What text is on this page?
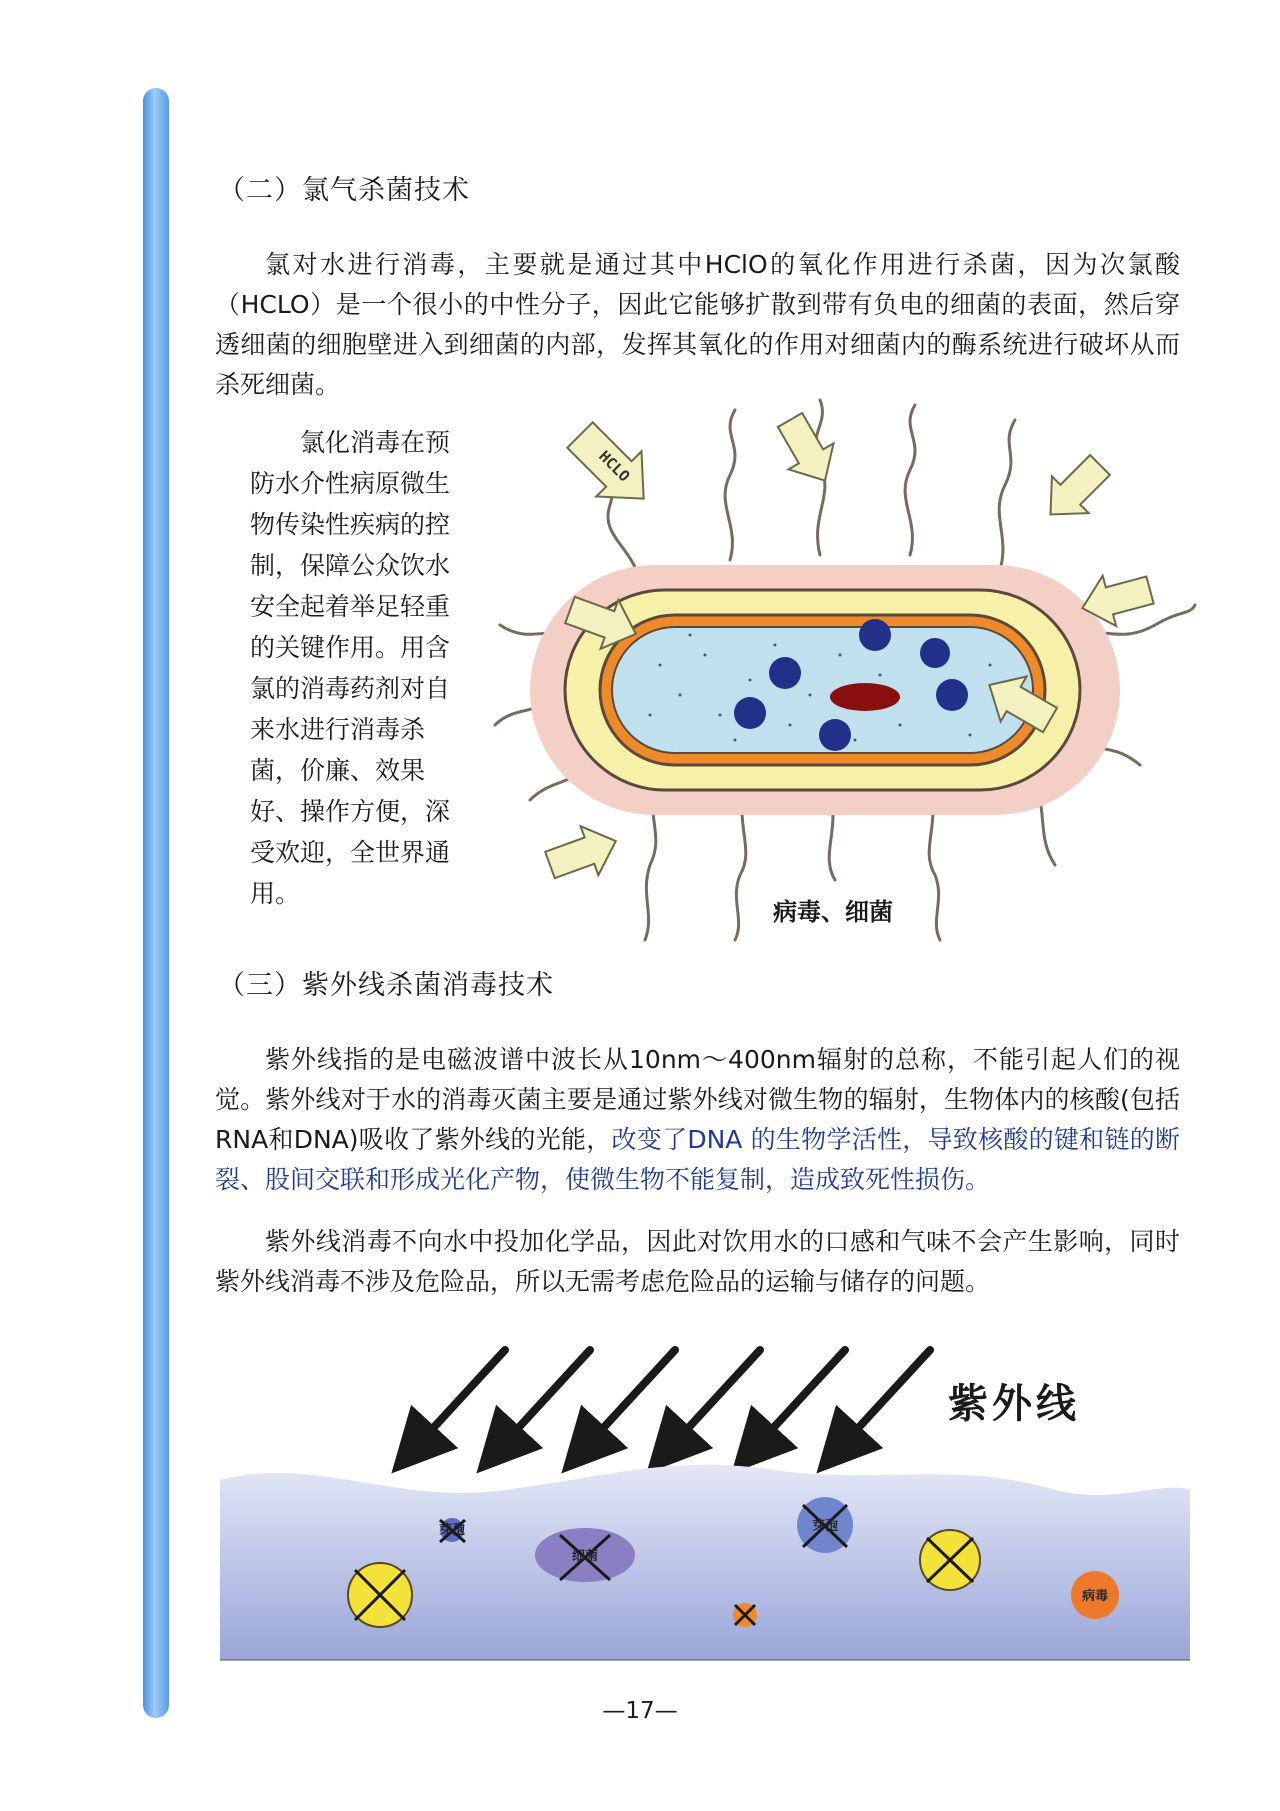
（二）氯气杀菌技术

氯对水进行消毒，主要就是通过其中HClO的氧化作用进行杀菌，因为次氯酸（HCLO）是一个很小的中性分子，因此它能够扩散到带有负电的细菌的表面，然后穿透细菌的细胞壁进入到细菌的内部，发挥其氧化的作用对细菌内的酶系统进行破坏从而杀死细菌。

氯化消毒在预防水介性病原微生物传染性疾病的控制，保障公众饮水安全起着举足轻重的关键作用。用含氯的消毒药剂对自来水进行消毒杀菌，价廉、效果好、操作方便，深受欢迎，全世界通用。

HCLO
病毒、细菌
（三）紫外线杀菌消毒技术

紫外线指的是电磁波谱中波长从10nm～400nm辐射的总称，不能引起人们的视觉。紫外线对于水的消毒灭菌主要是通过紫外线对微生物的辐射，生物体内的核酸(包括RNA和DNA)吸收了紫外线的光能，改变了DNA 的生物学活性，导致核酸的键和链的断裂、股间交联和形成光化产物，使微生物不能复制，造成致死性损伤。

紫外线消毒不向水中投加化学品，因此对饮用水的口感和气味不会产生影响，同时紫外线消毒不涉及危险品，所以无需考虑危险品的运输与储存的问题。

芽孢
细菌
芽孢
病毒
紫外线
—17—
